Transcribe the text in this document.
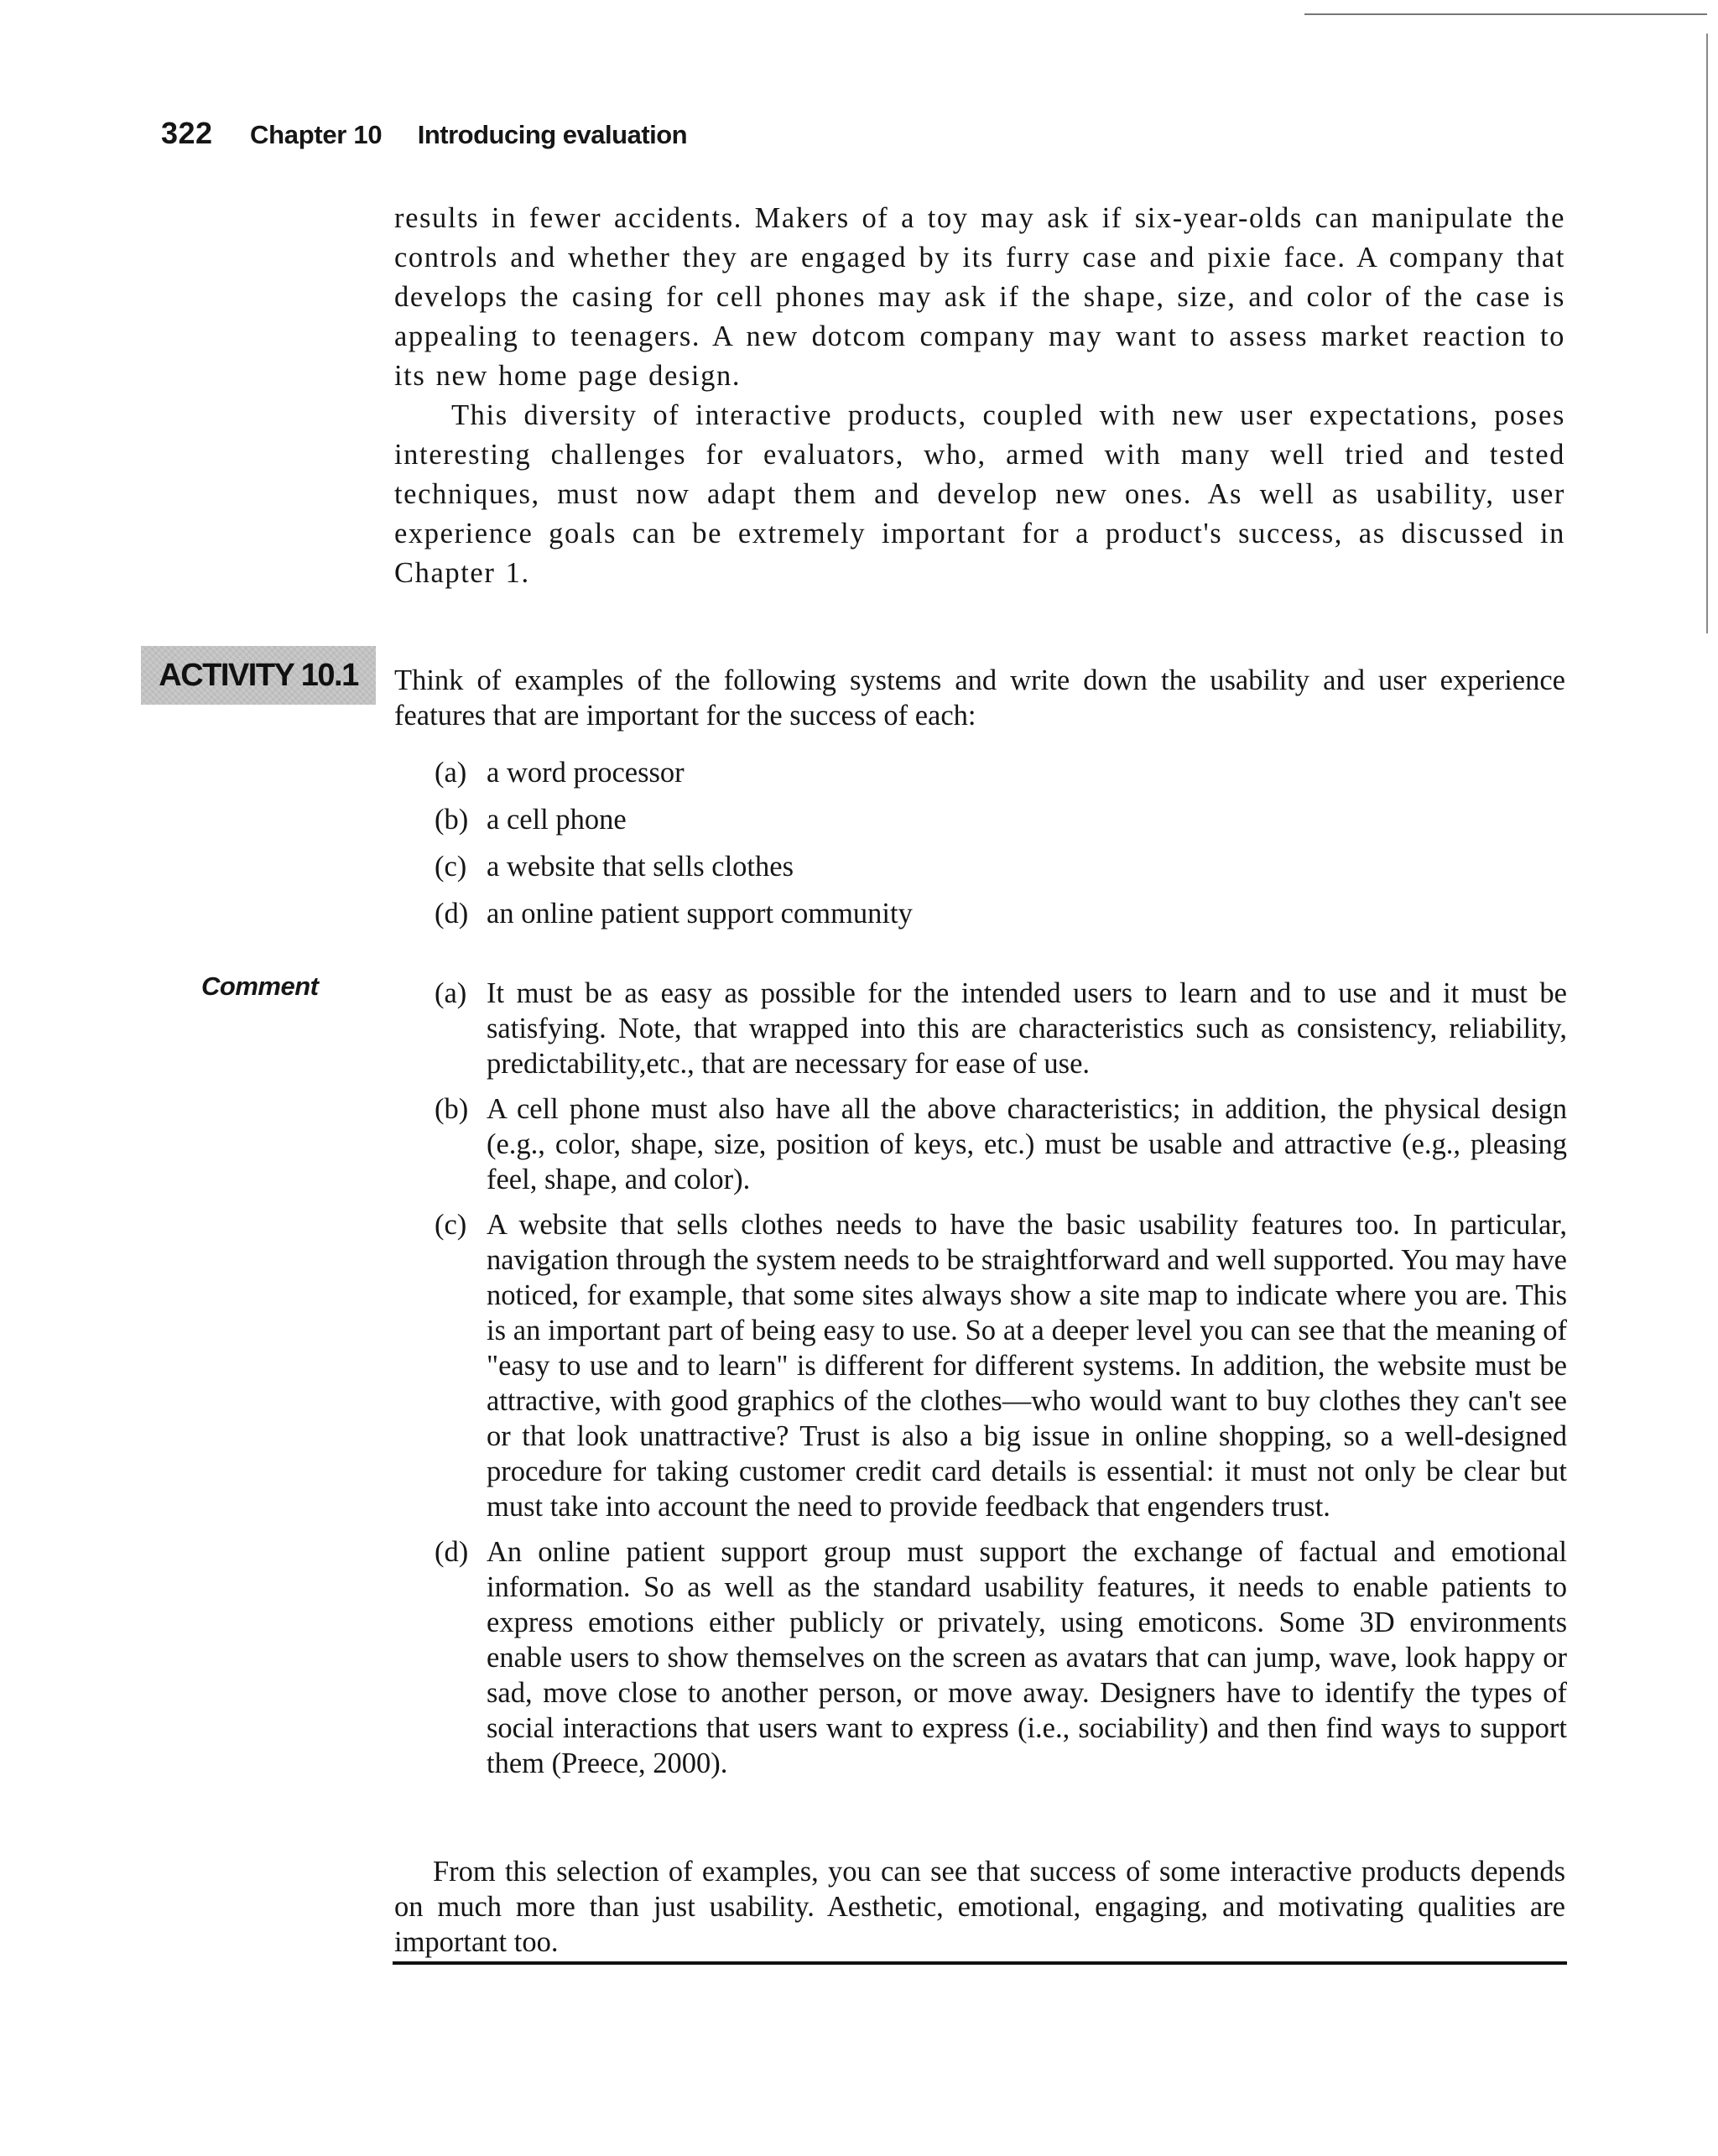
322 Chapter 10 Introducing evaluation

results in fewer accidents. Makers of a toy may ask if six-year-olds can manipulate the controls and whether they are engaged by its furry case and pixie face. A company that develops the casing for cell phones may ask if the shape, size, and color of the case is appealing to teenagers. A new dotcom company may want to assess market reaction to its new home page design.

This diversity of interactive products, coupled with new user expectations, poses interesting challenges for evaluators, who, armed with many well tried and tested techniques, must now adapt them and develop new ones. As well as usability, user experience goals can be extremely important for a product's success, as discussed in Chapter 1.

ACTIVITY 10.1	Think of examples of the following systems and write down the usability and user experience features that are important for the success of each:

(a) a word processor

(b) a cell phone

(c) a website that sells clothes

(d) an online patient support community

Comment	(a) It must be as easy as possible for the intended users to learn and to use and it must be satisfying. Note, that wrapped into this are characteristics such as consistency, reliability, predictability,etc., that are necessary for ease of use.

(b) A cell phone must also have all the above characteristics; in addition, the physical design (e.g., color, shape, size, position of keys, etc.) must be usable and attractive (e.g., pleasing feel, shape, and color).

(c) A website that sells clothes needs to have the basic usability features too. In particular, navigation through the system needs to be straightforward and well supported. You may have noticed, for example, that some sites always show a site map to indicate where you are. This is an important part of being easy to use. So at a deeper level you can see that the meaning of "easy to use and to learn" is different for different systems. In addition, the website must be attractive, with good graphics of the clothes—who would want to buy clothes they can't see or that look unattractive? Trust is also a big issue in online shopping, so a well-designed procedure for taking customer credit card details is essential: it must not only be clear but must take into account the need to provide feedback that engenders trust.

(d) An online patient support group must support the exchange of factual and emotional information. So as well as the standard usability features, it needs to enable patients to express emotions either publicly or privately, using emoticons. Some 3D environments enable users to show themselves on the screen as avatars that can jump, wave, look happy or sad, move close to another person, or move away. Designers have to identify the types of social interactions that users want to express (i.e., sociability) and then find ways to support them (Preece, 2000).

From this selection of examples, you can see that success of some interactive products depends on much more than just usability. Aesthetic, emotional, engaging, and motivating qualities are important too.
